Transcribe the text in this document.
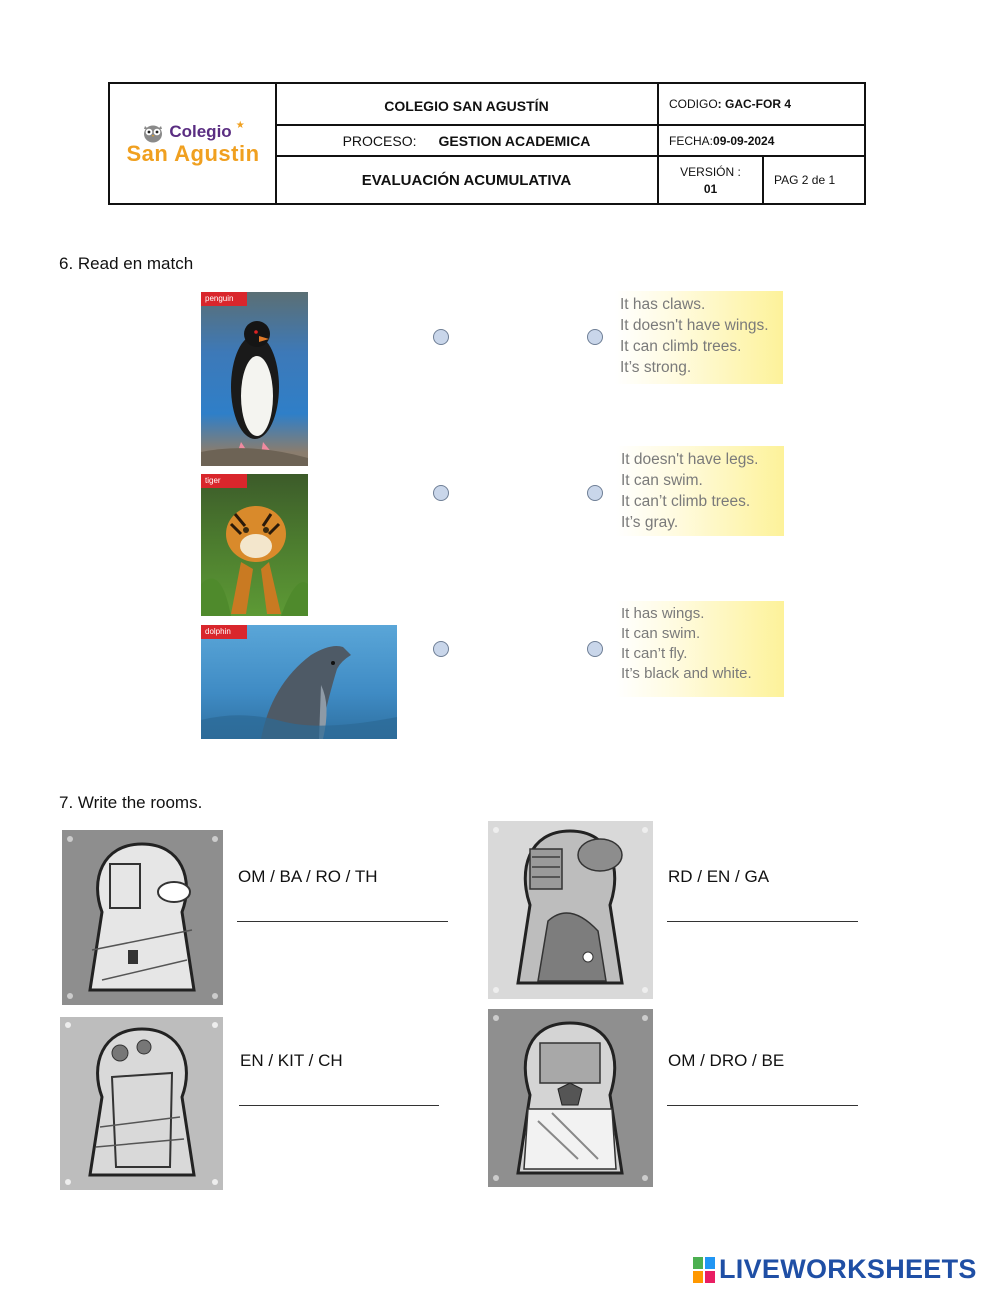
Colegio ★
San Agustin
COLEGIO SAN AGUSTÍN
PROCESO: GESTION ACADEMICA
EVALUACIÓN ACUMULATIVA
CODIGO : GAC-FOR 4
FECHA: 09-09-2024
VERSIÓN :
01
PAG 2 de 1
6. Read en match
penguin
tiger
dolphin
It has claws.
It doesn't have wings.
It can climb trees.
It’s strong.
It doesn't have legs.
It can swim.
It can’t climb trees.
It’s gray.
It has wings.
It can swim.
It can’t fly.
It’s black and white.
7. Write the rooms.
OM / BA / RO / TH	RD / EN / GA
EN / KIT / CH	OM / DRO / BE
LIVEWORKSHEETS
